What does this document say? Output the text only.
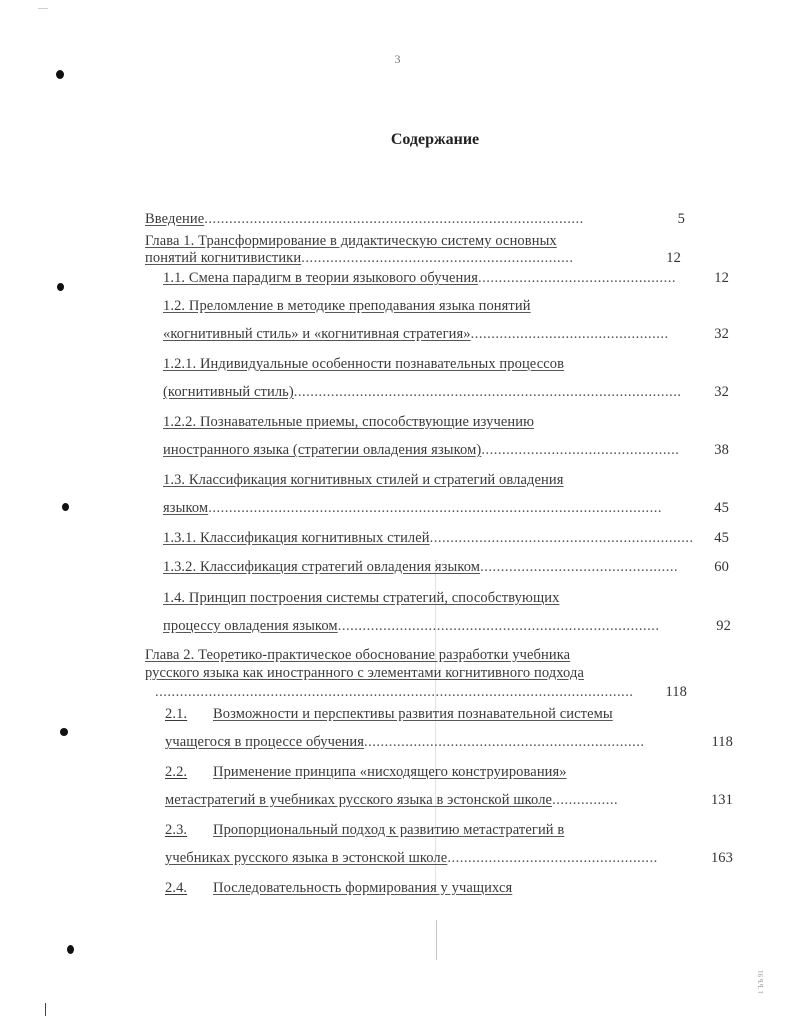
3
Содержание
Введение ............................................................................................	5
Глава 1. Трансформирование в дидактическую систему основных
понятий когнитивистики ..................................................................	12
1.1. Смена парадигм в теории языкового обучения ................................................	12
1.2. Преломление в методике преподавания языка понятий
«когнитивный стиль» и «когнитивная стратегия» ................................................	32
1.2.1. Индивидуальные особенности познавательных процессов
(когнитивный стиль) ..............................................................................................	32
1.2.2. Познавательные приемы, способствующие изучению
иностранного языка (стратегии овладения языком) ................................................	38
1.3. Классификация когнитивных стилей и стратегий овладения
языком ..............................................................................................................	45
1.3.1. Классификация когнитивных стилей ................................................................	45
1.3.2. Классификация стратегий овладения языком ................................................	60
1.4. Принцип построения системы стратегий, способствующих
процессу овладения языком ..............................................................................	92
Глава 2. Теоретико-практическое обоснование разработки учебника
русского языка как иностранного с элементами когнитивного подхода
....................................................................................................................	118
2.1. Возможности и перспективы развития познавательной системы
учащегося в процессе обучения ....................................................................	118
2.2. Применение принципа «нисходящего конструирования»
метастратегий в учебниках русского языка в эстонской школе ................	131
2.3. Пропорциональный подход к развитию метастратегий в
учебниках русского языка в эстонской школе ...................................................	163
2.4. Последовательность формирования у учащихся
1 ЪЪ 91
